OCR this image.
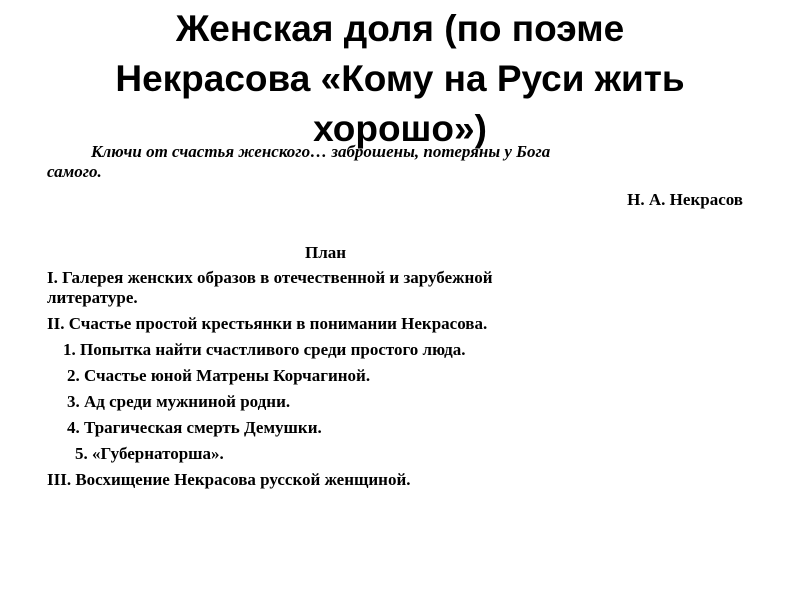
Женская доля (по поэме
Некрасова «Кому на Руси жить
хорошо»)
Ключи от счастья женского… заброшены, потеряны у Бога
самого.
Н. А. Некрасов
План
I. Галерея женских образов в отечественной и зарубежной
литературе.
II. Счастье простой крестьянки в понимании Некрасова.
1. Попытка найти счастливого среди простого люда.
2. Счастье юной Матрены Корчагиной.
3. Ад среди мужниной родни.
4. Трагическая смерть Демушки.
5. «Губернаторша».
III. Восхищение Некрасова русской женщиной.
